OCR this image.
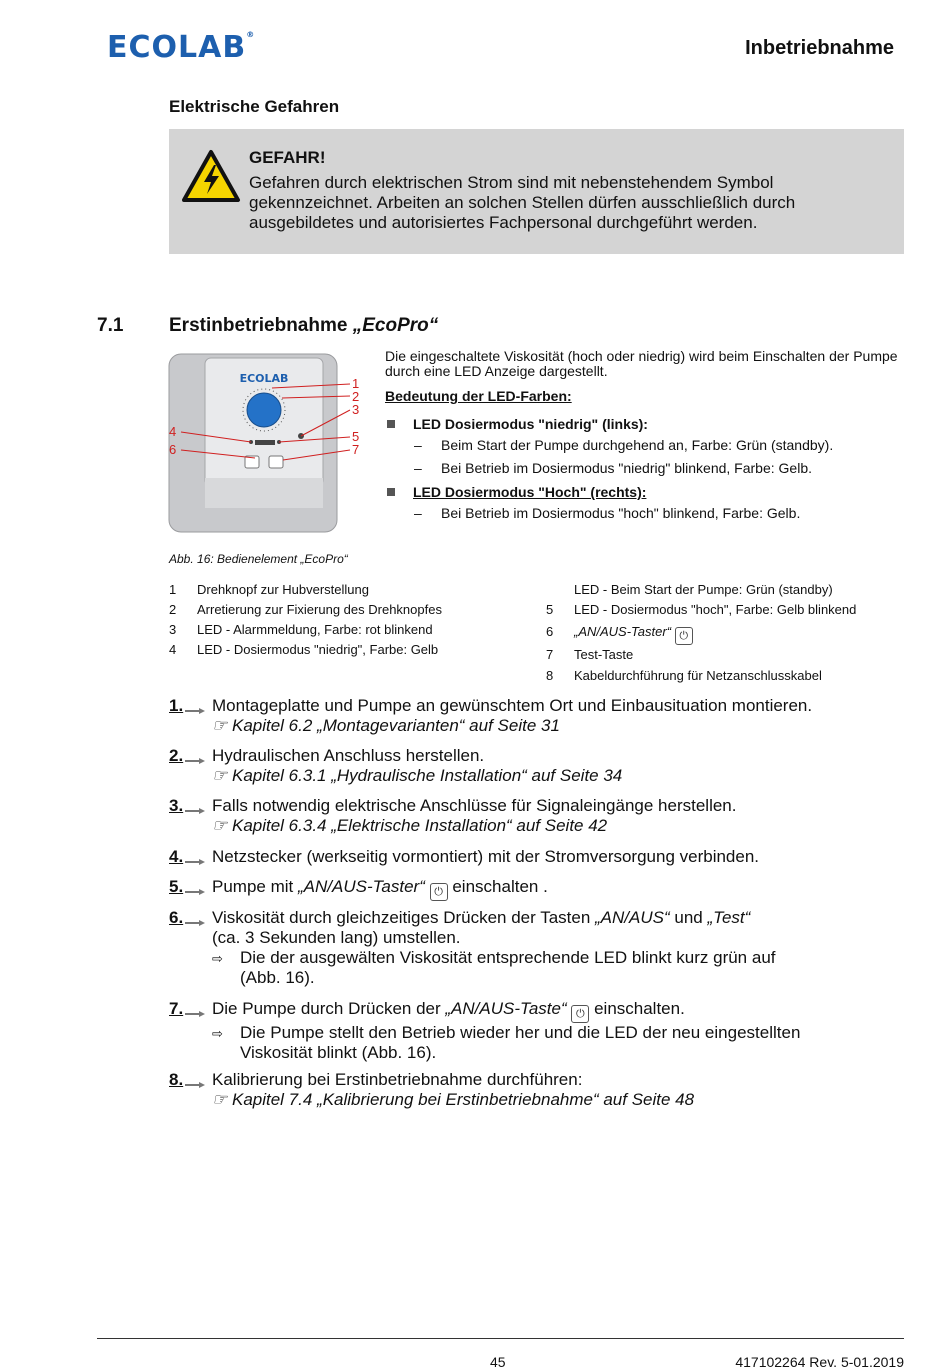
ECOLAB®
Inbetriebnahme
Elektrische Gefahren
GEFAHR!
Gefahren durch elektrischen Strom sind mit nebenstehendem Symbol gekennzeichnet. Arbeiten an solchen Stellen dürfen ausschließlich durch ausgebildetes und autorisiertes Fachpersonal durchgeführt werden.
7.1 Erstinbetriebnahme „EcoPro“
ECOLAB	1
2
3
4	5
6	7
Die eingeschaltete Viskosität (hoch oder niedrig) wird beim Einschalten der Pumpe durch eine LED Anzeige dargestellt.
Bedeutung der LED-Farben:
LED Dosiermodus "niedrig" (links):
– Beim Start der Pumpe durchgehend an, Farbe: Grün (standby).
– Bei Betrieb im Dosiermodus "niedrig" blinkend, Farbe: Gelb.
LED Dosiermodus "Hoch" (rechts):
– Bei Betrieb im Dosiermodus "hoch" blinkend, Farbe: Gelb.
Abb. 16: Bedienelement „EcoPro“
1 Drehknopf zur Hubverstellung
2 Arretierung zur Fixierung des Drehknopfes
3 LED - Alarmmeldung, Farbe: rot blinkend
4 LED - Dosiermodus "niedrig", Farbe: Gelb
LED - Beim Start der Pumpe: Grün (standby)
5 LED - Dosiermodus "hoch", Farbe: Gelb blinkend
6 „AN/AUS-Taster“ ⏻
7 Test-Taste
8 Kabeldurchführung für Netzanschlusskabel
1. Montageplatte und Pumpe an gewünschtem Ort und Einbausituation montieren.
☞ Kapitel 6.2 „Montagevarianten“ auf Seite 31
2. Hydraulischen Anschluss herstellen.
☞ Kapitel 6.3.1 „Hydraulische Installation“ auf Seite 34
3. Falls notwendig elektrische Anschlüsse für Signaleingänge herstellen.
☞ Kapitel 6.3.4 „Elektrische Installation“ auf Seite 42
4. Netzstecker (werkseitig vormontiert) mit der Stromversorgung verbinden.
5. Pumpe mit „AN/AUS-Taster“ ⏻ einschalten .
6. Viskosität durch gleichzeitiges Drücken der Tasten „AN/AUS“ und „Test“
(ca. 3 Sekunden lang) umstellen.
⇨ Die der ausgewälten Viskosität entsprechende LED blinkt kurz grün auf
(Abb. 16).
7. Die Pumpe durch Drücken der „AN/AUS-Taste“ ⏻ einschalten.
⇨ Die Pumpe stellt den Betrieb wieder her und die LED der neu eingestellten
Viskosität blinkt (Abb. 16).
8. Kalibrierung bei Erstinbetriebnahme durchführen:
☞ Kapitel 7.4 „Kalibrierung bei Erstinbetriebnahme“ auf Seite 48
45	417102264 Rev. 5-01.2019
